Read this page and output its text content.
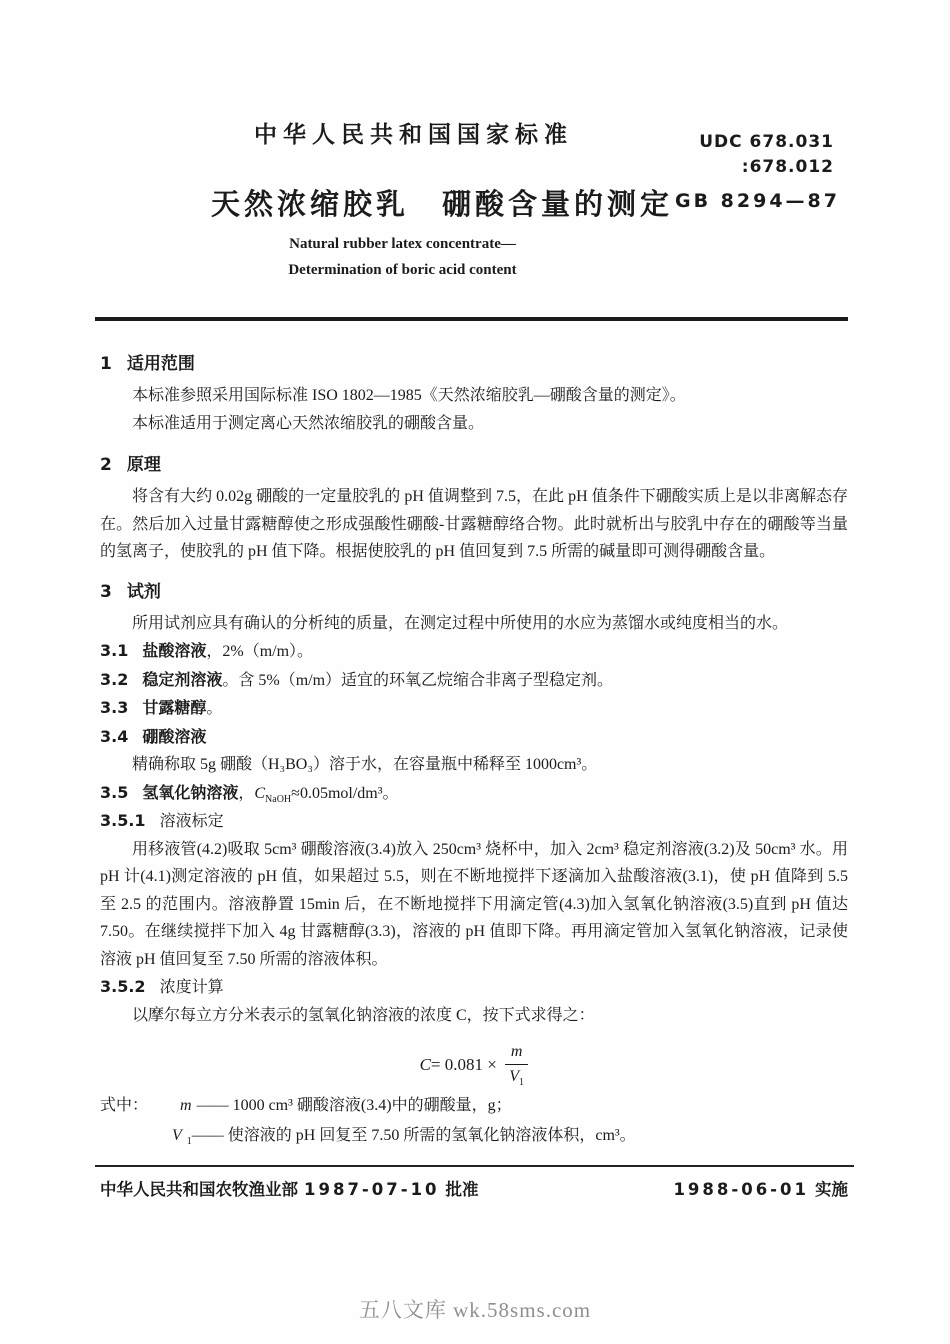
中华人民共和国国家标准	UDC 678.031
:678.012
天然浓缩胶乳　硼酸含量的测定 GB 8294—87
Natural rubber latex concentrate—
Determination of boric acid content
1 适用范围

本标准参照采用国际标准 ISO 1802—1985《天然浓缩胶乳—硼酸含量的测定》。

本标准适用于测定离心天然浓缩胶乳的硼酸含量。

2 原理

将含有大约 0.02g 硼酸的一定量胶乳的 pH 值调整到 7.5，在此 pH 值条件下硼酸实质上是以非离解态存在。然后加入过量甘露糖醇使之形成强酸性硼酸-甘露糖醇络合物。此时就析出与胶乳中存在的硼酸等当量的氢离子，使胶乳的 pH 值下降。根据使胶乳的 pH 值回复到 7.5 所需的碱量即可测得硼酸含量。

3 试剂

所用试剂应具有确认的分析纯的质量，在测定过程中所使用的水应为蒸馏水或纯度相当的水。

3.1 盐酸溶液，2%（m/m）。
3.2 稳定剂溶液。含 5%（m/m）适宜的环氧乙烷缩合非离子型稳定剂。
3.3 甘露糖醇。
3.4 硼酸溶液

精确称取 5g 硼酸（H₃BO₃）溶于水，在容量瓶中稀释至 1000cm³。

3.5 氢氧化钠溶液，$C_{NaOH}\approx 0.05mol$/dm³。
3.5.1 溶液标定

用移液管(4.2)吸取 5cm³ 硼酸溶液(3.4)放入 250cm³ 烧杯中，加入 2cm³ 稳定剂溶液(3.2)及 50cm³ 水。用 pH 计(4.1)测定溶液的 pH 值，如果超过 5.5，则在不断地搅拌下逐滴加入盐酸溶液(3.1)，使 pH 值降到 5.5 至 2.5 的范围内。溶液静置 15min 后，在不断地搅拌下用滴定管(4.3)加入氢氧化钠溶液(3.5)直到 pH 值达 7.50。在继续搅拌下加入 4g 甘露糖醇(3.3)，溶液的 pH 值即下降。再用滴定管加入氢氧化钠溶液，记录使溶液 pH 值回复至 7.50 所需的溶液体积。

3.5.2 浓度计算

以摩尔每立方分米表示的氢氧化钠溶液的浓度 C，按下式求得之：

$C = 0.081 \times \frac{m}{V_1}$
式中：	m —— 1000 cm³ 硼酸溶液(3.4)中的硼酸量，g；
V $_1$—— 使溶液的 pH 回复至 7.50 所需的氢氧化钠溶液体积，cm³。
中华人民共和国农牧渔业部 1987-07-10 批准	1988-06-01 实施
五八文库 wk.58sms.com
